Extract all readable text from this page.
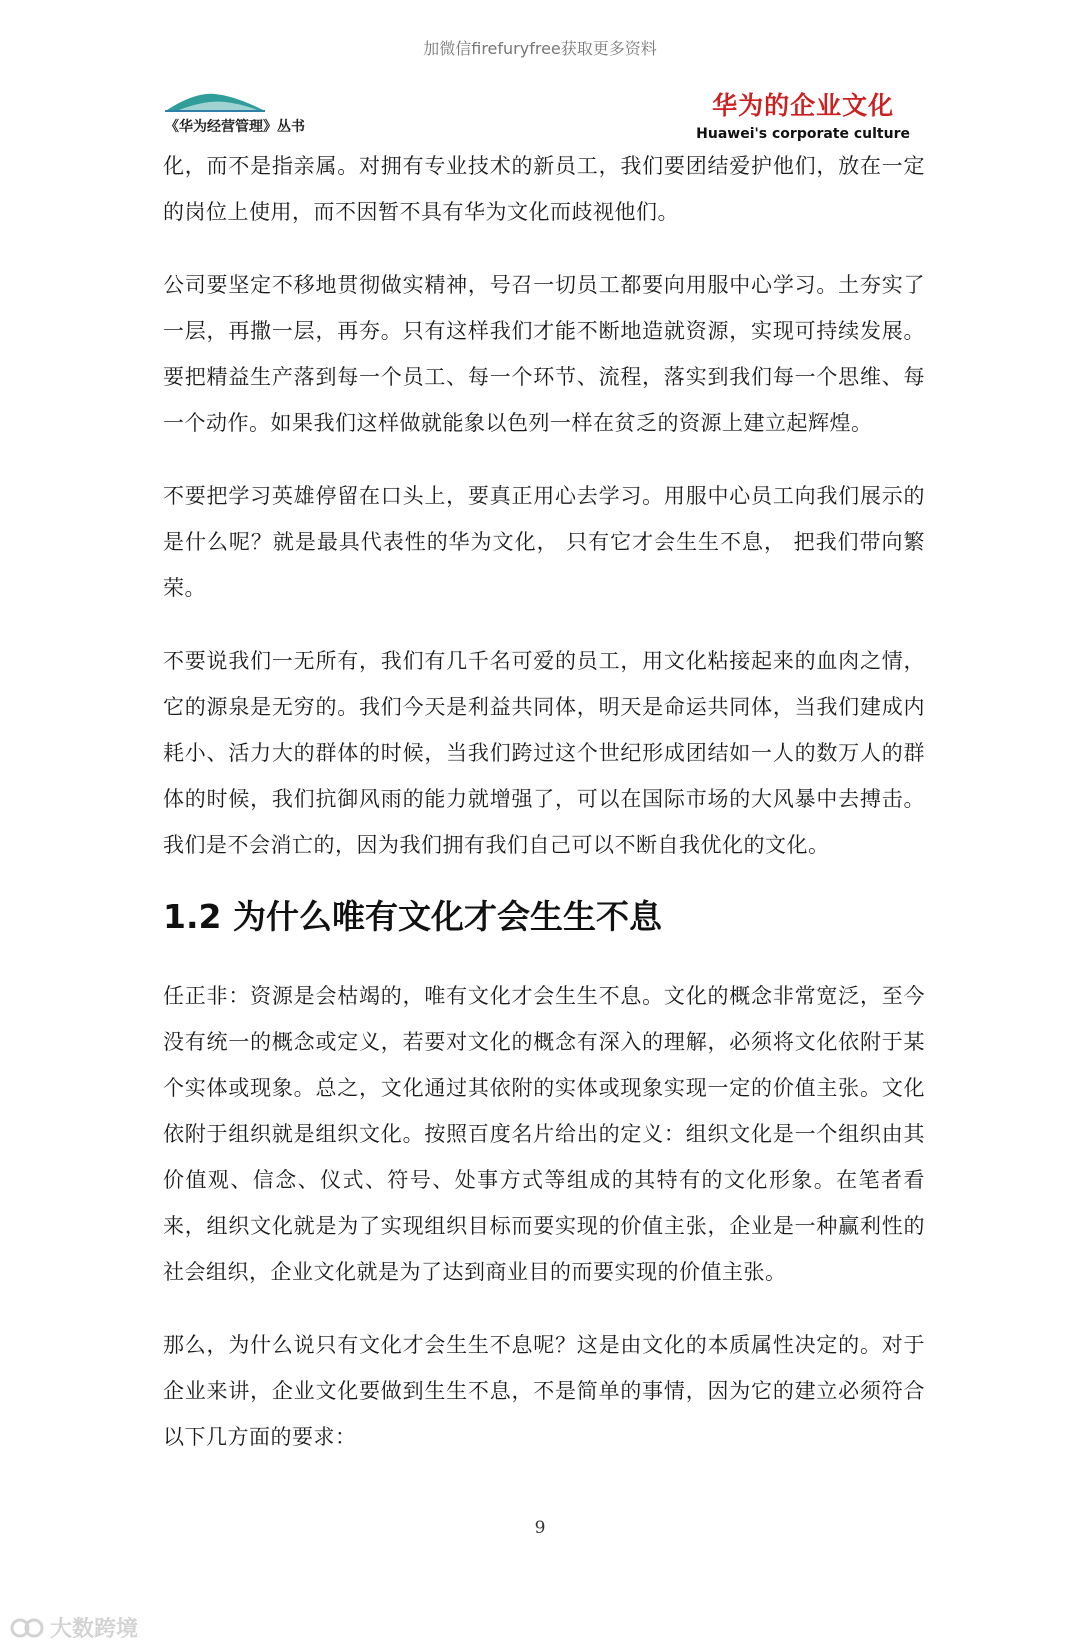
加微信firefuryfree获取更多资料
《华为经营管理》丛书
华为的企业文化
Huawei's corporate culture

化，而不是指亲属。对拥有专业技术的新员工，我们要团结爱护他们，放在一定的岗位上使用，而不因暂不具有华为文化而歧视他们。

公司要坚定不移地贯彻做实精神，号召一切员工都要向用服中心学习。土夯实了一层，再撒一层，再夯。只有这样我们才能不断地造就资源，实现可持续发展。要把精益生产落到每一个员工、每一个环节、流程，落实到我们每一个思维、每一个动作。如果我们这样做就能象以色列一样在贫乏的资源上建立起辉煌。

不要把学习英雄停留在口头上，要真正用心去学习。用服中心员工向我们展示的是什么呢？就是最具代表性的华为文化， 只有它才会生生不息， 把我们带向繁荣。

不要说我们一无所有，我们有几千名可爱的员工，用文化粘接起来的血肉之情，它的源泉是无穷的。我们今天是利益共同体，明天是命运共同体，当我们建成内耗小、活力大的群体的时候，当我们跨过这个世纪形成团结如一人的数万人的群体的时候，我们抗御风雨的能力就增强了，可以在国际市场的大风暴中去搏击。我们是不会消亡的，因为我们拥有我们自己可以不断自我优化的文化。

1.2 为什么唯有文化才会生生不息

任正非：资源是会枯竭的，唯有文化才会生生不息。文化的概念非常宽泛，至今没有统一的概念或定义，若要对文化的概念有深入的理解，必须将文化依附于某个实体或现象。总之，文化通过其依附的实体或现象实现一定的价值主张。文化依附于组织就是组织文化。按照百度名片给出的定义：组织文化是一个组织由其价值观、信念、仪式、符号、处事方式等组成的其特有的文化形象。在笔者看来，组织文化就是为了实现组织目标而要实现的价值主张，企业是一种赢利性的社会组织，企业文化就是为了达到商业目的而要实现的价值主张。

那么，为什么说只有文化才会生生不息呢？这是由文化的本质属性决定的。对于企业来讲，企业文化要做到生生不息，不是简单的事情，因为它的建立必须符合以下几方面的要求：

9
大数跨境
